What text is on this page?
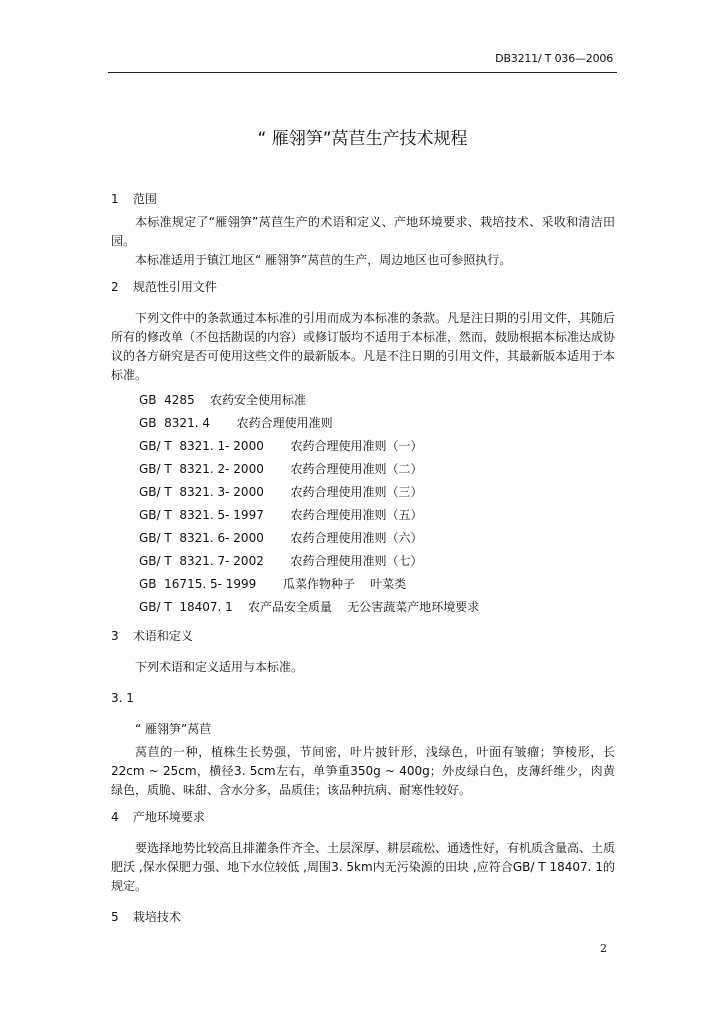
DB3211/ T 036—2006
“ 雁翎笋”莴苣生产技术规程
1 范围

本标准规定了“雁翎笋”莴苣生产的术语和定义、产地环境要求、栽培技术、采收和清洁田园。

本标准适用于镇江地区“ 雁翎笋”莴苣的生产，周边地区也可参照执行。

2 规范性引用文件

下列文件中的条款通过本标准的引用而成为本标准的条款。凡是注日期的引用文件，其随后所有的修改单（不包括勘误的内容）或修订版均不适用于本标准，然而，鼓励根据本标准达成协议的各方研究是否可使用这些文件的最新版本。凡是不注日期的引用文件，其最新版本适用于本标准。

GB  4285    农药安全使用标准
GB  8321. 4       农药合理使用准则
GB/ T  8321. 1- 2000       农药合理使用准则（一）
GB/ T  8321. 2- 2000       农药合理使用准则（二）
GB/ T  8321. 3- 2000       农药合理使用准则（三）
GB/ T  8321. 5- 1997       农药合理使用准则（五）
GB/ T  8321. 6- 2000       农药合理使用准则（六）
GB/ T  8321. 7- 2002       农药合理使用准则（七）
GB  16715. 5- 1999       瓜菜作物种子    叶菜类
GB/ T  18407. 1    农产品安全质量    无公害蔬菜产地环境要求
3 术语和定义

下列术语和定义适用与本标准。

3. 1

“ 雁翎笋”莴苣

莴苣的一种，植株生长势强，节间密，叶片披针形，浅绿色，叶面有皱瘤；笋棱形，长22cm ~ 25cm，横径3. 5cm左右，单笋重350g ~ 400g；外皮绿白色，皮薄纤维少，肉黄绿色，质脆、味甜、含水分多，品质佳；该品种抗病、耐寒性较好。

4 产地环境要求

要选择地势比较高且排灌条件齐全、土层深厚、耕层疏松、通透性好，有机质含量高、土质肥沃 ,保水保肥力强、地下水位较低 ,周围3. 5km内无污染源的田块 ,应符合GB/ T 18407. 1的规定。

5 栽培技术
2
